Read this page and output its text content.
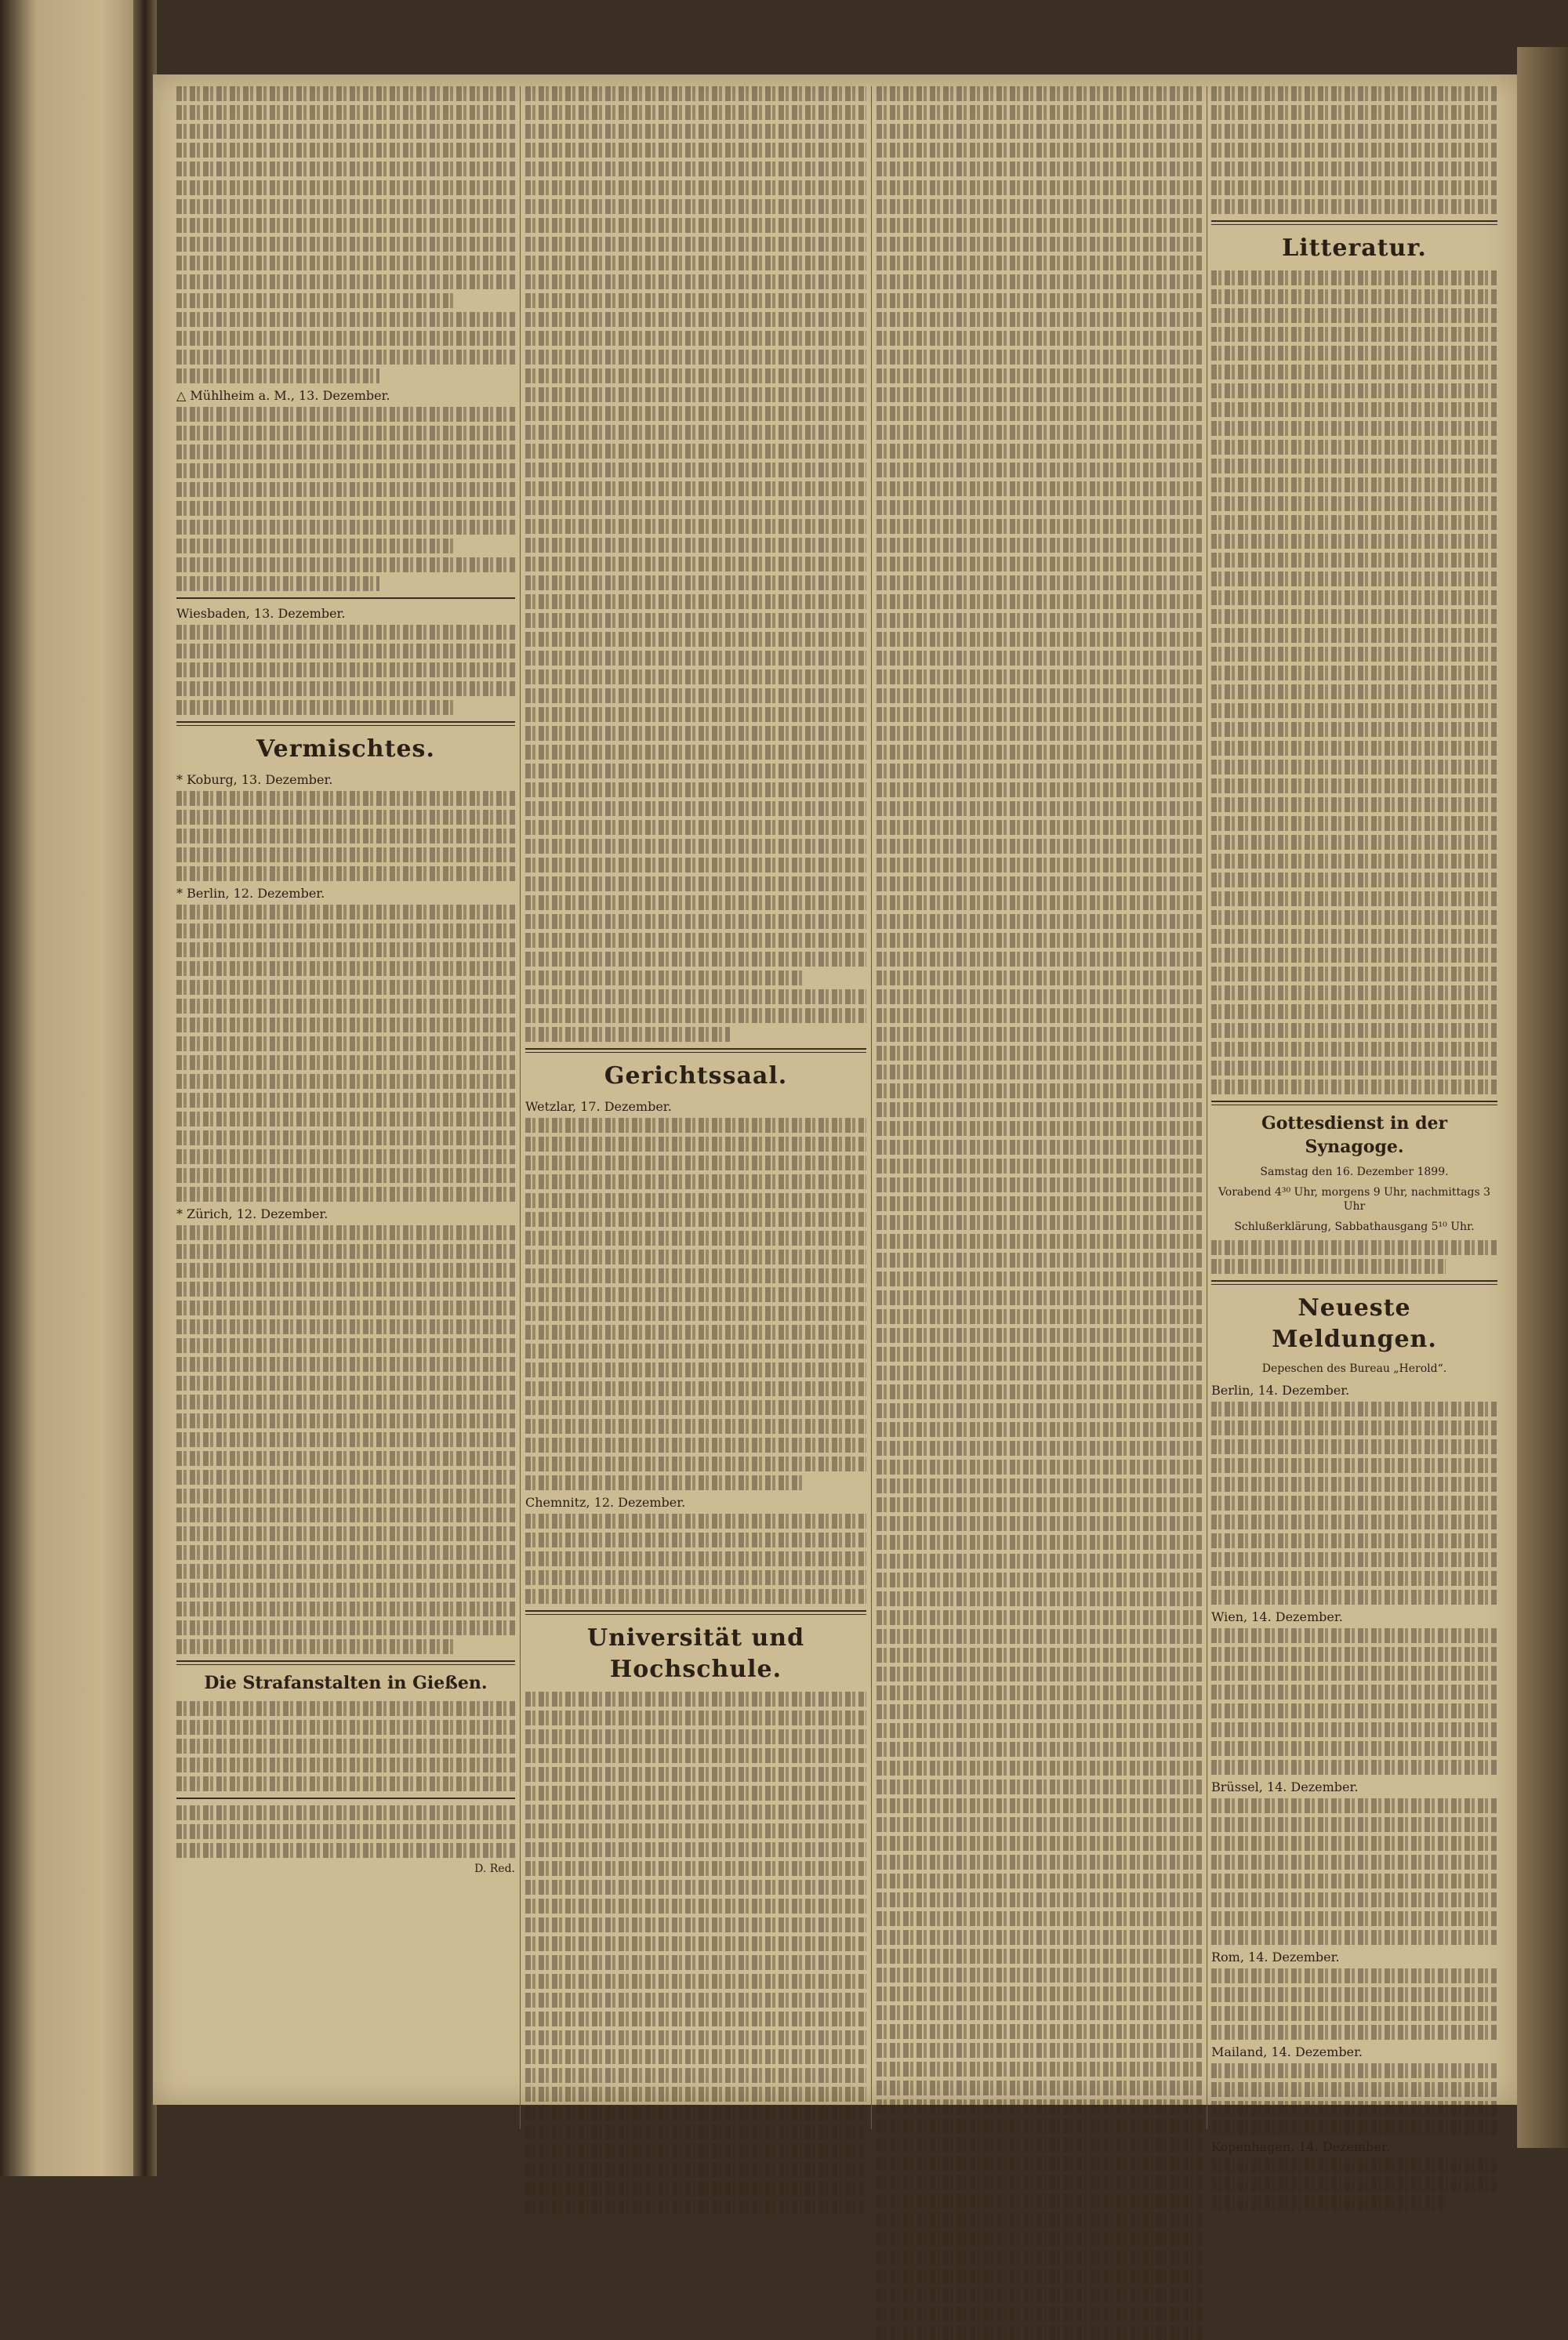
△ Mühlheim a. M., 13. Dezember.
Wiesbaden, 13. Dezember.
Vermischtes.
* Koburg, 13. Dezember.
* Berlin, 12. Dezember.
* Zürich, 12. Dezember.
Die Strafanstalten in Gießen.
D. Red.
Gerichtssaal.
Wetzlar, 17. Dezember.
Chemnitz, 12. Dezember.
Universität und Hochschule.
Litteratur.
Gottesdienst in der Synagoge.
Samstag den 16. Dezember 1899.
Vorabend 4³⁰ Uhr, morgens 9 Uhr, nachmittags 3 Uhr
Schlußerklärung, Sabbathausgang 5¹⁰ Uhr.
Neueste Meldungen.
Depeschen des Bureau „Herold“.
Berlin, 14. Dezember.
Wien, 14. Dezember.
Brüssel, 14. Dezember.
Rom, 14. Dezember.
Mailand, 14. Dezember.
Kopenhagen, 14. Dezember.
